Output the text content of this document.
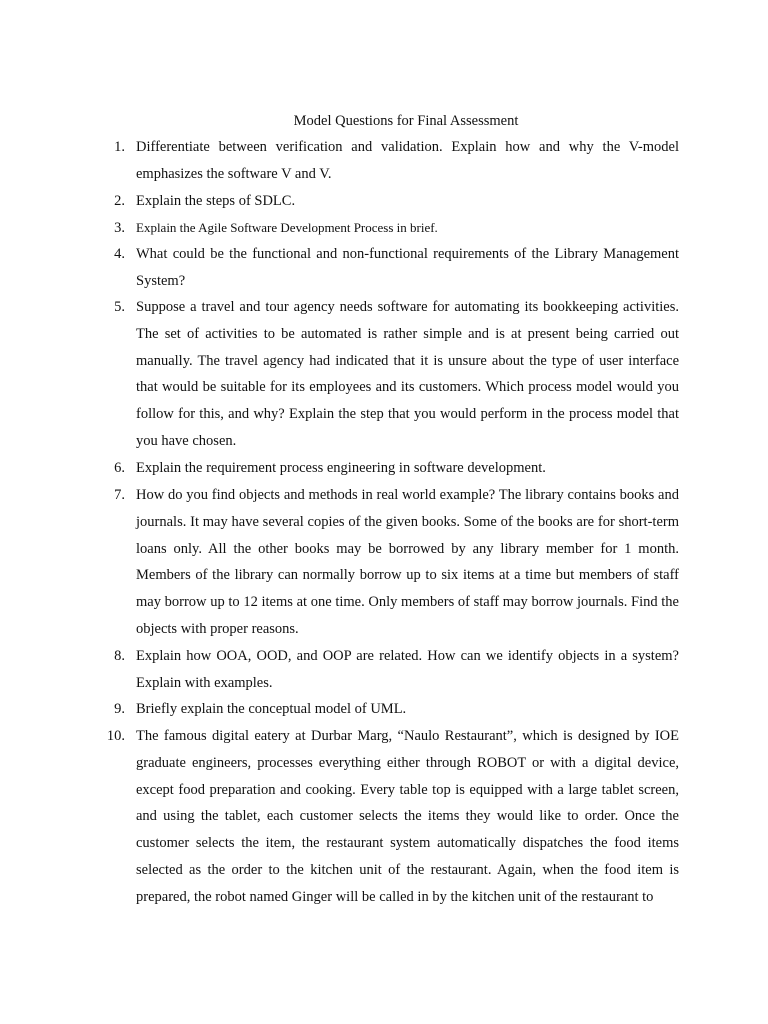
Model Questions for Final Assessment
1. Differentiate between verification and validation. Explain how and why the V-model emphasizes the software V and V.
2. Explain the steps of SDLC.
3. Explain the Agile Software Development Process in brief.
4. What could be the functional and non-functional requirements of the Library Management System?
5. Suppose a travel and tour agency needs software for automating its bookkeeping activities. The set of activities to be automated is rather simple and is at present being carried out manually. The travel agency had indicated that it is unsure about the type of user interface that would be suitable for its employees and its customers. Which process model would you follow for this, and why? Explain the step that you would perform in the process model that you have chosen.
6. Explain the requirement process engineering in software development.
7. How do you find objects and methods in real world example? The library contains books and journals. It may have several copies of the given books. Some of the books are for short-term loans only. All the other books may be borrowed by any library member for 1 month. Members of the library can normally borrow up to six items at a time but members of staff may borrow up to 12 items at one time. Only members of staff may borrow journals. Find the objects with proper reasons.
8. Explain how OOA, OOD, and OOP are related. How can we identify objects in a system? Explain with examples.
9. Briefly explain the conceptual model of UML.
10. The famous digital eatery at Durbar Marg, “Naulo Restaurant”, which is designed by IOE graduate engineers, processes everything either through ROBOT or with a digital device, except food preparation and cooking. Every table top is equipped with a large tablet screen, and using the tablet, each customer selects the items they would like to order. Once the customer selects the item, the restaurant system automatically dispatches the food items selected as the order to the kitchen unit of the restaurant. Again, when the food item is prepared, the robot named Ginger will be called in by the kitchen unit of the restaurant to
